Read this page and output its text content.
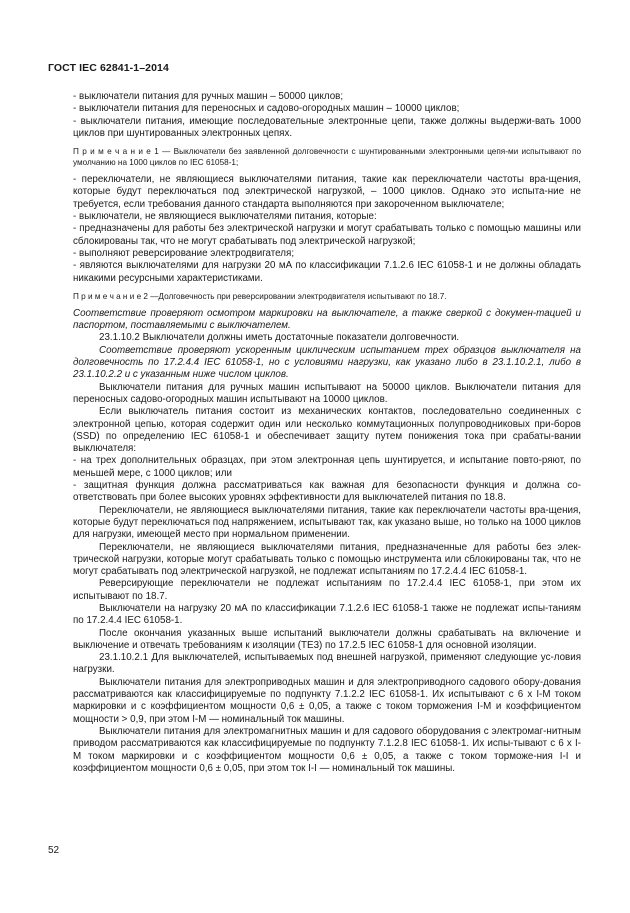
ГОСТ IEC 62841-1–2014

- выключатели питания для ручных машин – 50000 циклов;

- выключатели питания для переносных и садово-огородных машин – 10000 циклов;

- выключатели питания, имеющие последовательные электронные цепи, также должны выдержи-вать 1000 циклов при шунтированных электронных цепях.

П р и м е ч а н и е 1 — Выключатели без заявленной долговечности с шунтированными электронными цепя-ми испытывают по умолчанию на 1000 циклов по IEC 61058-1;

- переключатели, не являющиеся выключателями питания, такие как переключатели частоты вра-щения, которые будут переключаться под электрической нагрузкой, – 1000 циклов. Однако это испыта-ние не требуется, если требования данного стандарта выполняются при закороченном выключателе;

- выключатели, не являющиеся выключателями питания, которые:

- предназначены для работы без электрической нагрузки и могут срабатывать только с помощью машины или сблокированы так, что не могут срабатывать под электрической нагрузкой;

- выполняют реверсирование электродвигателя;

- являются выключателями для нагрузки 20 мА по классификации 7.1.2.6 IEC 61058-1 и не должны обладать никакими ресурсными характеристиками.

П р и м е ч а н и е 2 —Долговечность при реверсировании электродвигателя испытывают по 18.7.

Соответствие проверяют осмотром маркировки на выключателе, а также сверкой с докумен-тацией и паспортом, поставляемыми с выключателем.

23.1.10.2 Выключатели должны иметь достаточные показатели долговечности.

Соответствие проверяют ускоренным циклическим испытанием трех образцов выключателя на долговечность по 17.2.4.4 IEC 61058-1, но с условиями нагрузки, как указано либо в 23.1.10.2.1, либо в 23.1.10.2.2 и с указанным ниже числом циклов.

Выключатели питания для ручных машин испытывают на 50000 циклов. Выключатели питания для переносных садово-огородных машин испытывают на 10000 циклов.

Если выключатель питания состоит из механических контактов, последовательно соединенных с электронной цепью, которая содержит один или несколько коммутационных полупроводниковых при-боров (SSD) по определению IEC 61058-1 и обеспечивает защиту путем понижения тока при срабаты-вании выключателя:

- на трех дополнительных образцах, при этом электронная цепь шунтируется, и испытание повто-ряют, по меньшей мере, с 1000 циклов; или

- защитная функция должна рассматриваться как важная для безопасности функция и должна со-ответствовать при более высоких уровнях эффективности для выключателей питания по 18.8.

Переключатели, не являющиеся выключателями питания, такие как переключатели частоты вра-щения, которые будут переключаться под напряжением, испытывают так, как указано выше, но только на 1000 циклов для нагрузки, имеющей место при нормальном применении.

Переключатели, не являющиеся выключателями питания, предназначенные для работы без элек-трической нагрузки, которые могут срабатывать только с помощью инструмента или сблокированы так, что не могут срабатывать под электрической нагрузкой, не подлежат испытаниям по 17.2.4.4 IEC 61058-1.

Реверсирующие переключатели не подлежат испытаниям по 17.2.4.4 IEC 61058-1, при этом их испытывают по 18.7.

Выключатели на нагрузку 20 мА по классификации 7.1.2.6 IEC 61058-1 также не подлежат испы-таниям по 17.2.4.4 IEC 61058-1.

После окончания указанных выше испытаний выключатели должны срабатывать на включение и выключение и отвечать требованиям к изоляции (ТЕ3) по 17.2.5 IEC 61058-1 для основной изоляции.

23.1.10.2.1 Для выключателей, испытываемых под внешней нагрузкой, применяют следующие ус-ловия нагрузки.

Выключатели питания для электроприводных машин и для электроприводного садового обору-дования рассматриваются как классифицируемые по подпункту 7.1.2.2 IEC 61058-1. Их испытывают с 6 x I-M током маркировки и с коэффициентом мощности 0,6 ± 0,05, а также с током торможения I-M и коэффициентом мощности > 0,9, при этом I-M — номинальный ток машины.

Выключатели питания для электромагнитных машин и для садового оборудования с электромаг-нитным приводом рассматриваются как классифицируемые по подпункту 7.1.2.8 IEC 61058-1. Их испы-тывают с 6 x I-M током маркировки и с коэффициентом мощности 0,6 ± 0,05, а также с током торможе-ния I-I и коэффициентом мощности 0,6 ± 0,05, при этом ток I-I — номинальный ток машины.

52
